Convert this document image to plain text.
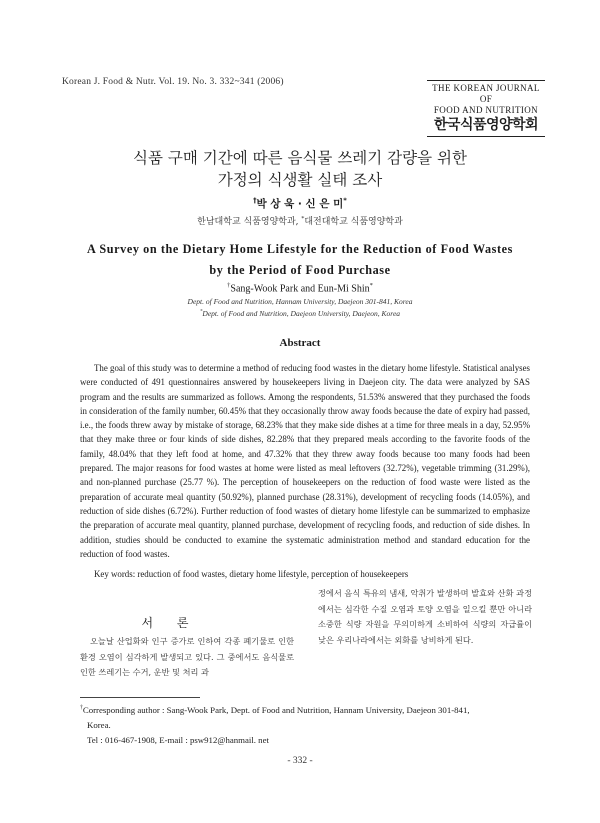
Korean J. Food & Nutr. Vol. 19. No. 3. 332~341 (2006)
THE KOREAN JOURNAL OF
FOOD AND NUTRITION
한국식품영양학회
식품 구매 기간에 따른 음식물 쓰레기 감량을 위한
가정의 식생활 실태 조사
†박 상 욱 · 신 은 미*
한남대학교 식품영양학과, *대전대학교 식품영양학과
A Survey on the Dietary Home Lifestyle for the Reduction of Food Wastes
by the Period of Food Purchase
†Sang-Wook Park and Eun-Mi Shin*
Dept. of Food and Nutrition, Hannam University, Daejeon 301-841, Korea
*Dept. of Food and Nutrition, Daejeon University, Daejeon, Korea
Abstract
The goal of this study was to determine a method of reducing food wastes in the dietary home lifestyle. Statistical analyses were conducted of 491 questionnaires answered by housekeepers living in Daejeon city. The data were analyzed by SAS program and the results are summarized as follows. Among the respondents, 51.53% answered that they purchased the foods in consideration of the family number, 60.45% that they occasionally throw away foods because the date of expiry had passed, i.e., the foods threw away by mistake of storage, 68.23% that they make side dishes at a time for three meals in a day, 52.95% that they make three or four kinds of side dishes, 82.28% that they prepared meals according to the favorite foods of the family, 48.04% that they left food at home, and 47.32% that they threw away foods because too many foods had been prepared. The major reasons for food wastes at home were listed as meal leftovers (32.72%), vegetable trimming (31.29%), and non-planned purchase (25.77 %). The perception of housekeepers on the reduction of food waste were listed as the preparation of accurate meal quantity (50.92%), planned purchase (28.31%), development of recycling foods (14.05%), and reduction of side dishes (6.72%). Further reduction of food wastes of dietary home lifestyle can be summarized to emphasize the preparation of accurate meal quantity, planned purchase, development of recycling foods, and reduction of side dishes. In addition, studies should be conducted to examine the systematic administration method and standard education for the reduction of food wastes.
Key words: reduction of food wastes, dietary home lifestyle, perception of housekeepers
서 론
오늘날 산업화와 인구 증가로 인하여 각종 폐기물로 인한 환경 오염이 심각하게 발생되고 있다. 그 중에서도 음식물로 인한 쓰레기는 수거, 운반 및 처리 과
정에서 음식 특유의 냄새, 악취가 발생하며 발효와 산화 과정에서는 심각한 수질 오염과 토양 오염을 일으킬 뿐만 아니라 소중한 식량 자원을 무의미하게 소비하여 식량의 자급률이 낮은 우리나라에서는 외화를 낭비하게 된다.
†Corresponding author : Sang-Wook Park, Dept. of Food and Nutrition, Hannam University, Daejeon 301-841,
Korea.
Tel : 016-467-1908, E-mail : psw912@hanmail. net
- 332 -
